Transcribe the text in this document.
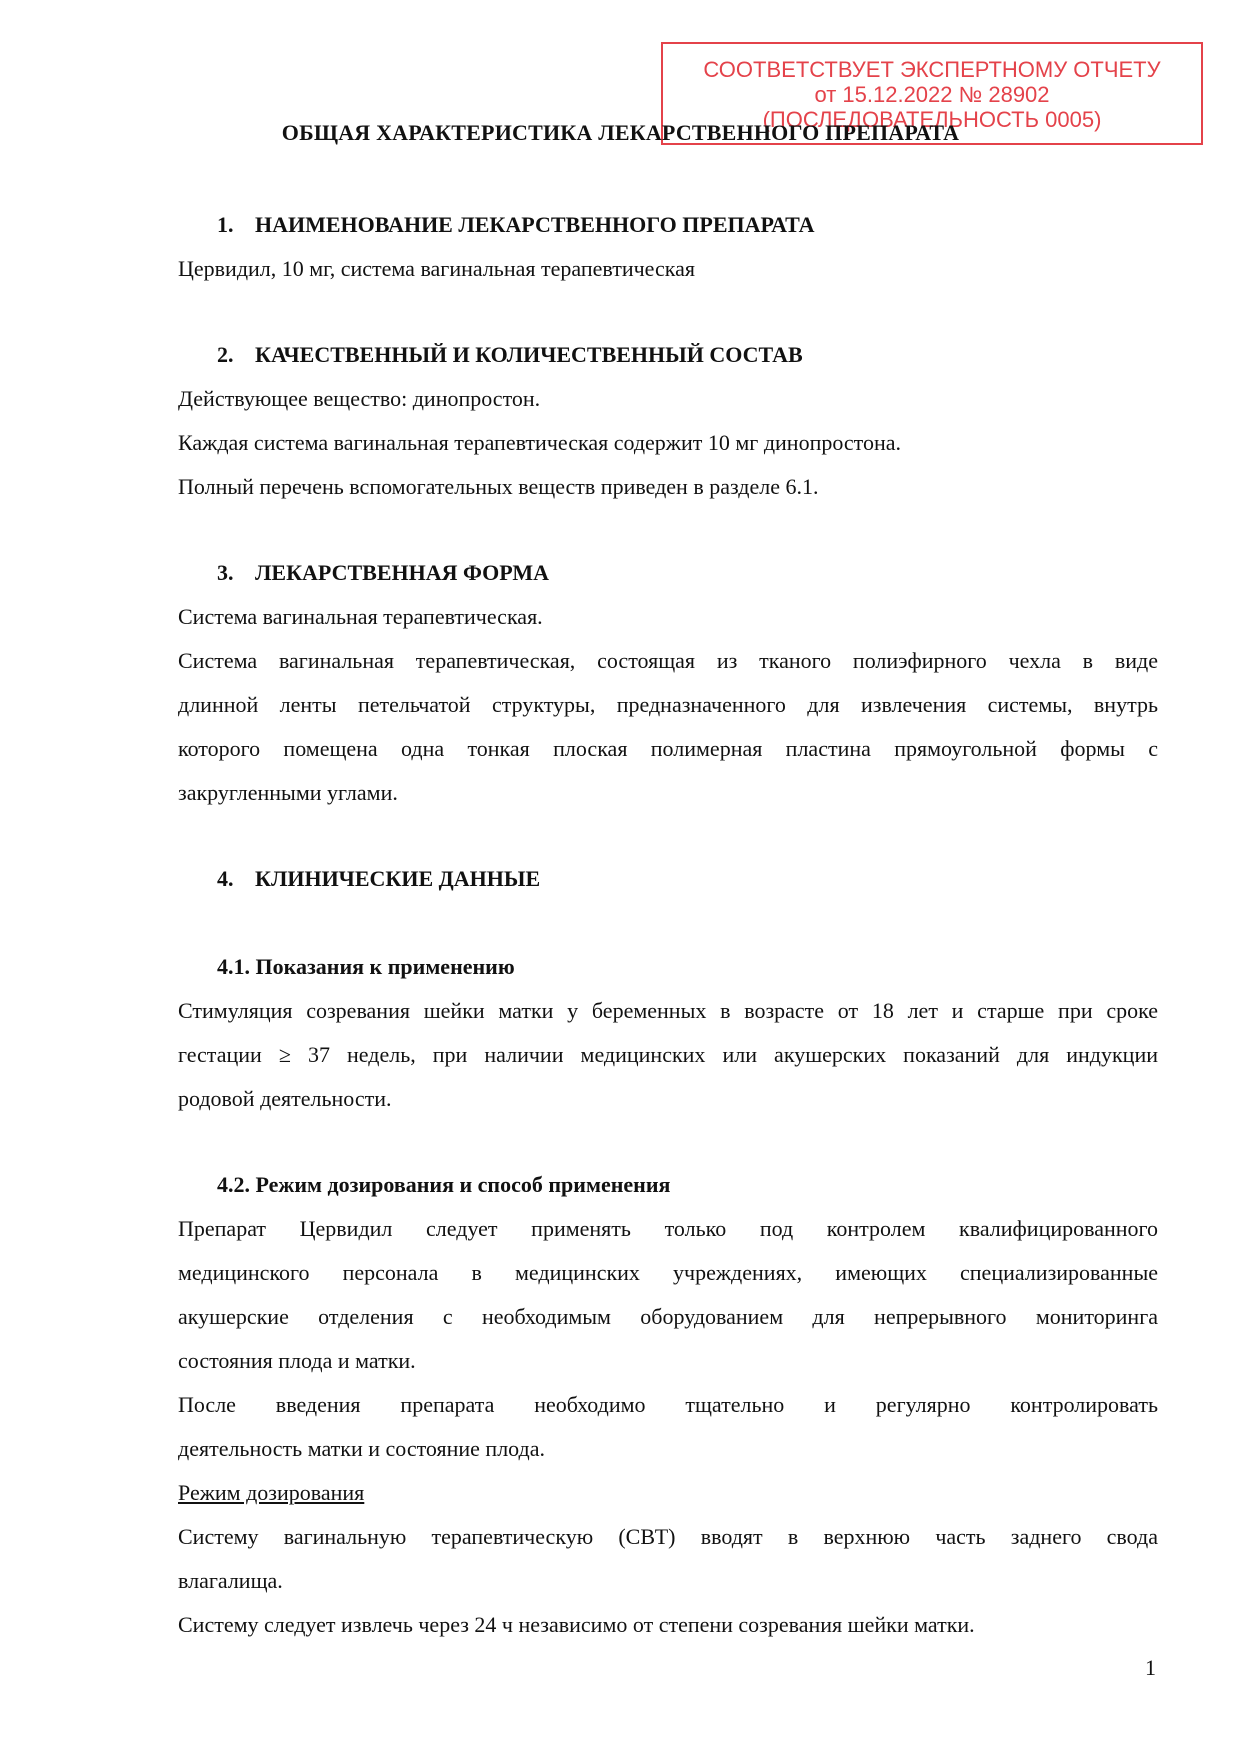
СООТВЕТСТВУЕТ ЭКСПЕРТНОМУ ОТЧЕТУ
от 15.12.2022 № 28902
(ПОСЛЕДОВАТЕЛЬНОСТЬ 0005)
ОБЩАЯ ХАРАКТЕРИСТИКА ЛЕКАРСТВЕННОГО ПРЕПАРАТА
1. НАИМЕНОВАНИЕ ЛЕКАРСТВЕННОГО ПРЕПАРАТА
Цервидил, 10 мг, система вагинальная терапевтическая
2. КАЧЕСТВЕННЫЙ И КОЛИЧЕСТВЕННЫЙ СОСТАВ
Действующее вещество: динопростон.
Каждая система вагинальная терапевтическая содержит 10 мг динопростона.
Полный перечень вспомогательных веществ приведен в разделе 6.1.
3. ЛЕКАРСТВЕННАЯ ФОРМА
Система вагинальная терапевтическая.
Система вагинальная терапевтическая, состоящая из тканого полиэфирного чехла в виде
длинной ленты петельчатой структуры, предназначенного для извлечения системы, внутрь
которого помещена одна тонкая плоская полимерная пластина прямоугольной формы с
закругленными углами.
4. КЛИНИЧЕСКИЕ ДАННЫЕ
4.1. Показания к применению
Стимуляция созревания шейки матки у беременных в возрасте от 18 лет и старше при сроке
гестации ≥ 37 недель, при наличии медицинских или акушерских показаний для индукции
родовой деятельности.
4.2. Режим дозирования и способ применения
Препарат Цервидил следует применять только под контролем квалифицированного
медицинского персонала в медицинских учреждениях, имеющих специализированные
акушерские отделения с необходимым оборудованием для непрерывного мониторинга
состояния плода и матки.
После введения препарата необходимо тщательно и регулярно контролировать
деятельность матки и состояние плода.
Режим дозирования
Систему вагинальную терапевтическую (СВТ) вводят в верхнюю часть заднего свода
влагалища.
Систему следует извлечь через 24 ч независимо от степени созревания шейки матки.
1
